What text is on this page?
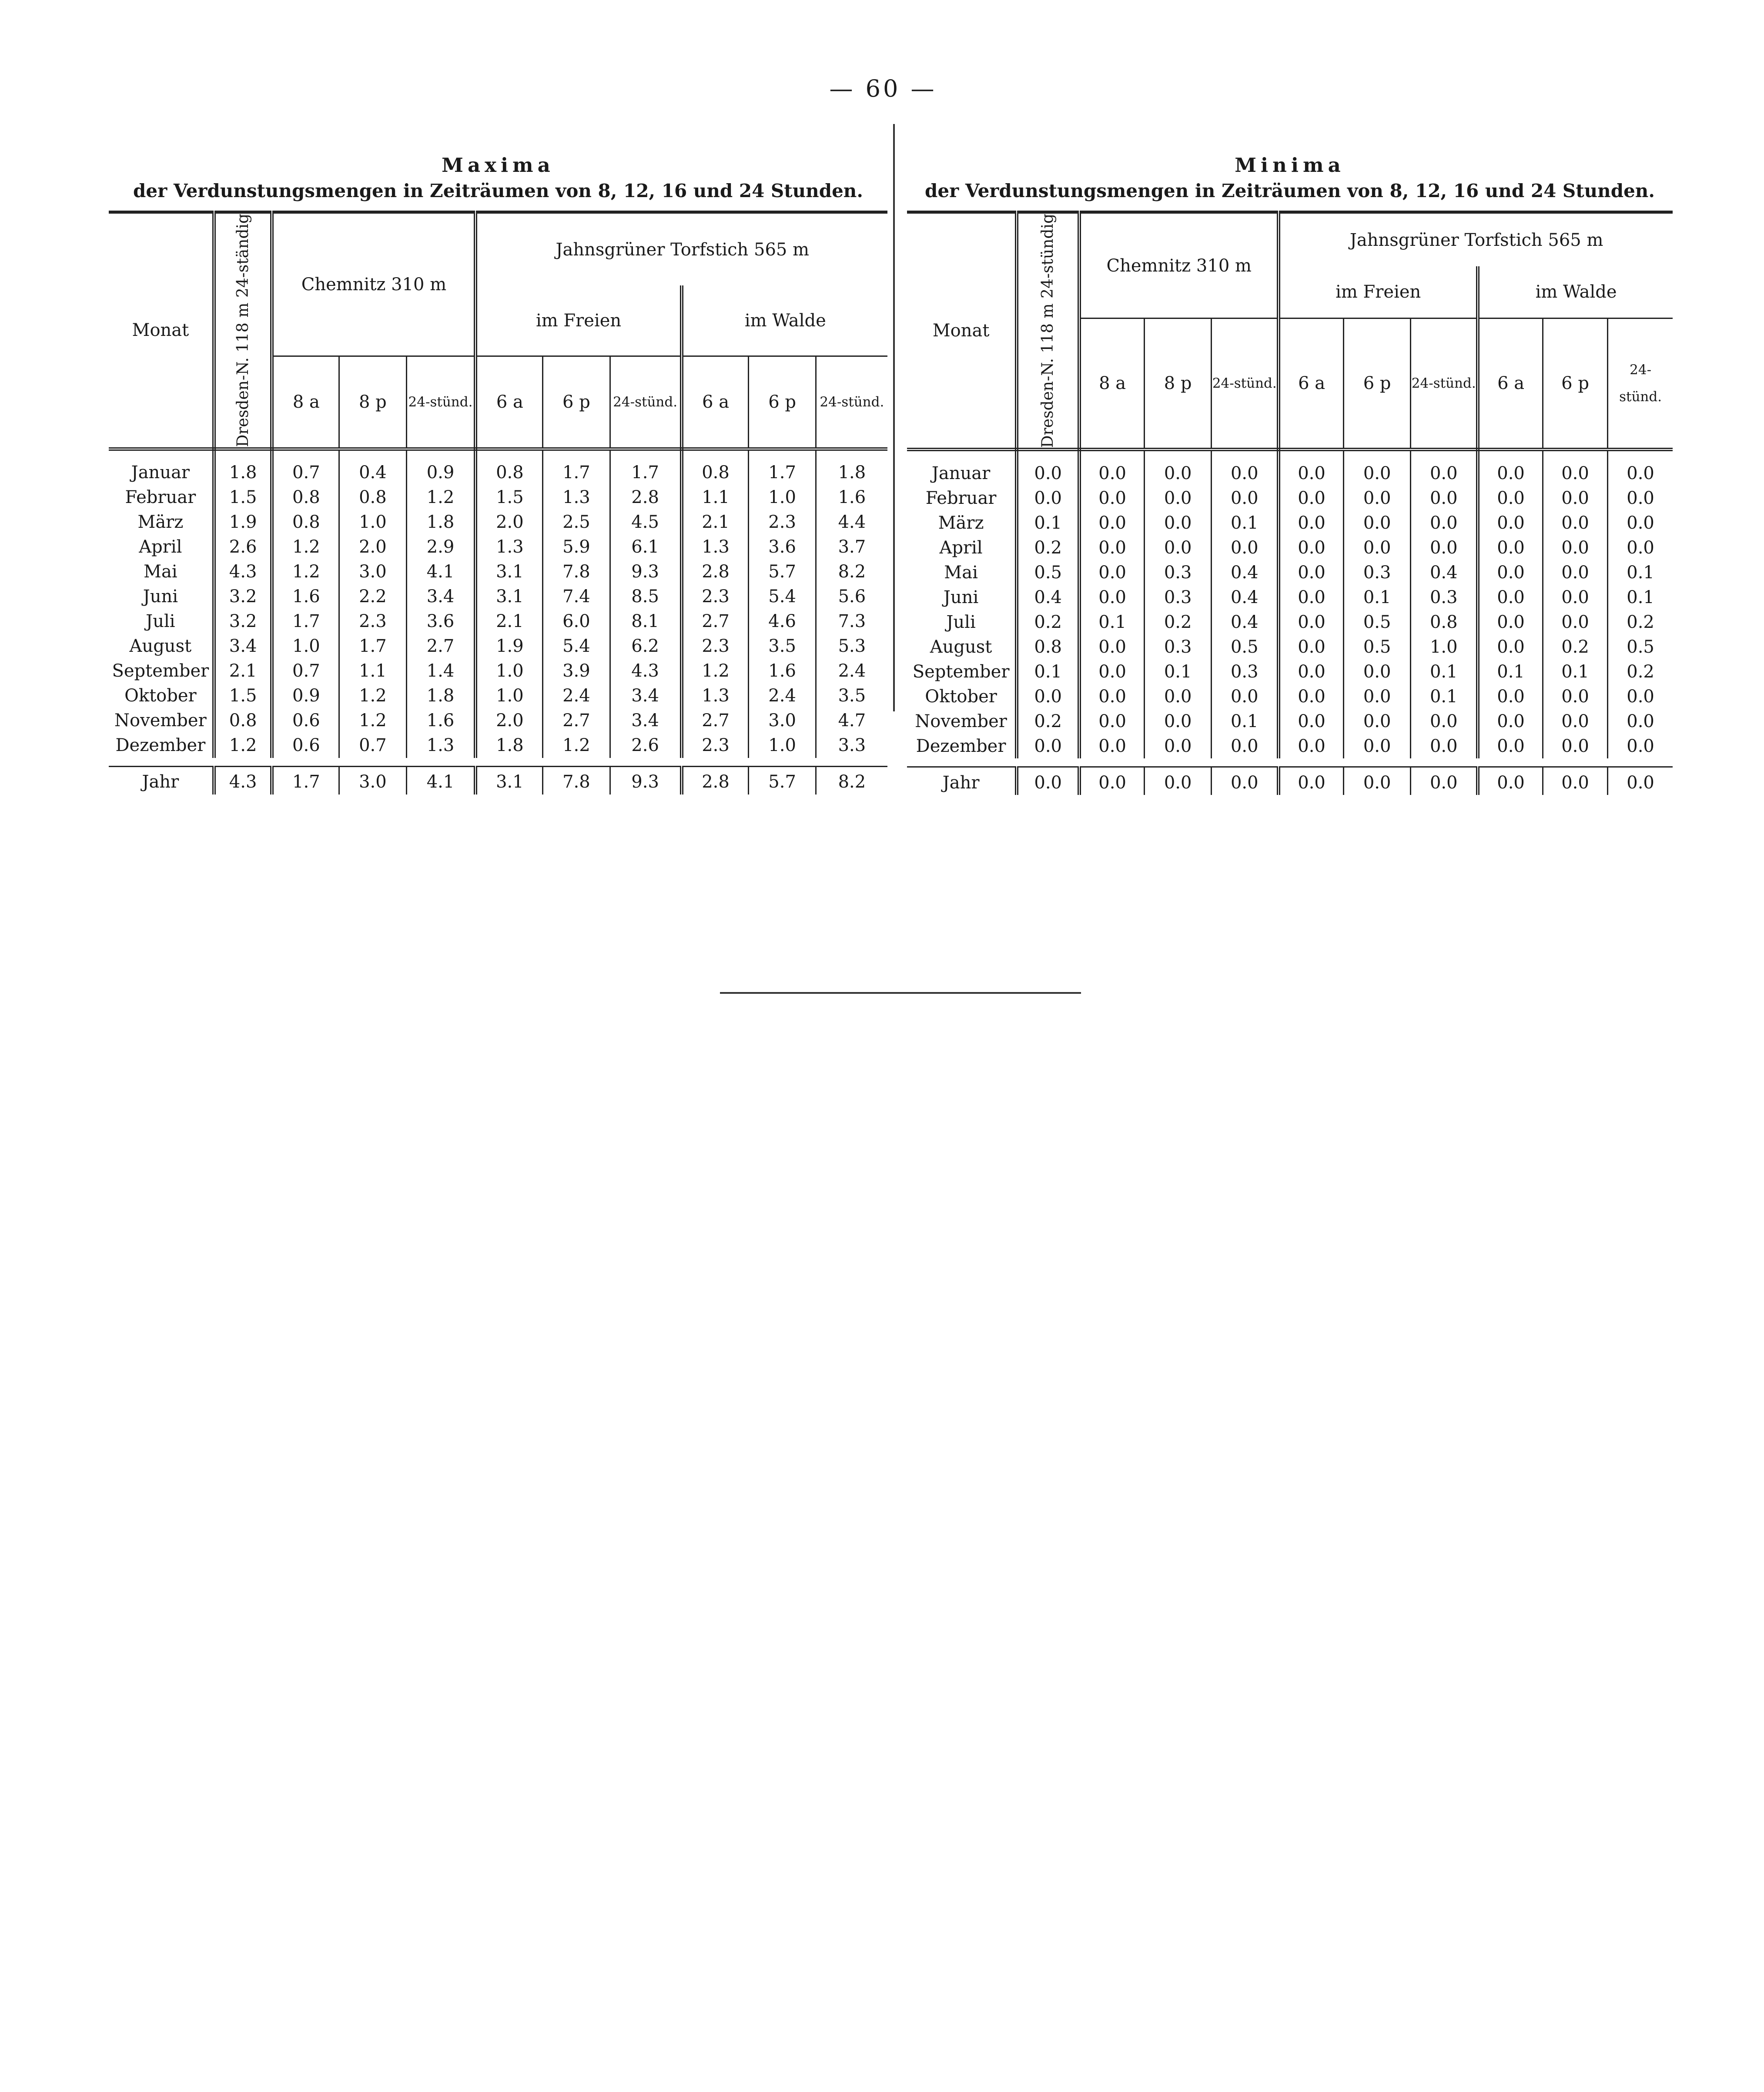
— 60 —
Maxima
der Verdunstungsmengen in Zeiträumen von 8, 12, 16 und 24 Stunden.
Monat	Dresden-N. 118 m 24-ständig	Chemnitz 310 m			Jahnsgrüner Torfstich 565 m					
					im Freien			im Walde		
		8 a	8 p	24-stünd.	6 a	6 p	24-stünd.	6 a	6 p	24-stünd.
Januar	1.8	0.7	0.4	0.9	0.8	1.7	1.7	0.8	1.7	1.8
Februar	1.5	0.8	0.8	1.2	1.5	1.3	2.8	1.1	1.0	1.6
März	1.9	0.8	1.0	1.8	2.0	2.5	4.5	2.1	2.3	4.4
April	2.6	1.2	2.0	2.9	1.3	5.9	6.1	1.3	3.6	3.7
Mai	4.3	1.2	3.0	4.1	3.1	7.8	9.3	2.8	5.7	8.2
Juni	3.2	1.6	2.2	3.4	3.1	7.4	8.5	2.3	5.4	5.6
Juli	3.2	1.7	2.3	3.6	2.1	6.0	8.1	2.7	4.6	7.3
August	3.4	1.0	1.7	2.7	1.9	5.4	6.2	2.3	3.5	5.3
September	2.1	0.7	1.1	1.4	1.0	3.9	4.3	1.2	1.6	2.4
Oktober	1.5	0.9	1.2	1.8	1.0	2.4	3.4	1.3	2.4	3.5
November	0.8	0.6	1.2	1.6	2.0	2.7	3.4	2.7	3.0	4.7
Dezember	1.2	0.6	0.7	1.3	1.8	1.2	2.6	2.3	1.0	3.3

Jahr	4.3	1.7	3.0	4.1	3.1	7.8	9.3	2.8	5.7	8.2
Minima
der Verdunstungsmengen in Zeiträumen von 8, 12, 16 und 24 Stunden.
Monat	Dresden-N. 118 m 24-stündig	Chemnitz 310 m			Jahnsgrüner Torfstich 565 m					
					im Freien			im Walde		
		8 a	8 p	24-stünd.	6 a	6 p	24-stünd.	6 a	6 p	24-stünd.
Januar	0.0	0.0	0.0	0.0	0.0	0.0	0.0	0.0	0.0	0.0
Februar	0.0	0.0	0.0	0.0	0.0	0.0	0.0	0.0	0.0	0.0
März	0.1	0.0	0.0	0.1	0.0	0.0	0.0	0.0	0.0	0.0
April	0.2	0.0	0.0	0.0	0.0	0.0	0.0	0.0	0.0	0.0
Mai	0.5	0.0	0.3	0.4	0.0	0.3	0.4	0.0	0.0	0.1
Juni	0.4	0.0	0.3	0.4	0.0	0.1	0.3	0.0	0.0	0.1
Juli	0.2	0.1	0.2	0.4	0.0	0.5	0.8	0.0	0.0	0.2
August	0.8	0.0	0.3	0.5	0.0	0.5	1.0	0.0	0.2	0.5
September	0.1	0.0	0.1	0.3	0.0	0.0	0.1	0.1	0.1	0.2
Oktober	0.0	0.0	0.0	0.0	0.0	0.0	0.1	0.0	0.0	0.0
November	0.2	0.0	0.0	0.1	0.0	0.0	0.0	0.0	0.0	0.0
Dezember	0.0	0.0	0.0	0.0	0.0	0.0	0.0	0.0	0.0	0.0

Jahr	0.0	0.0	0.0	0.0	0.0	0.0	0.0	0.0	0.0	0.0
